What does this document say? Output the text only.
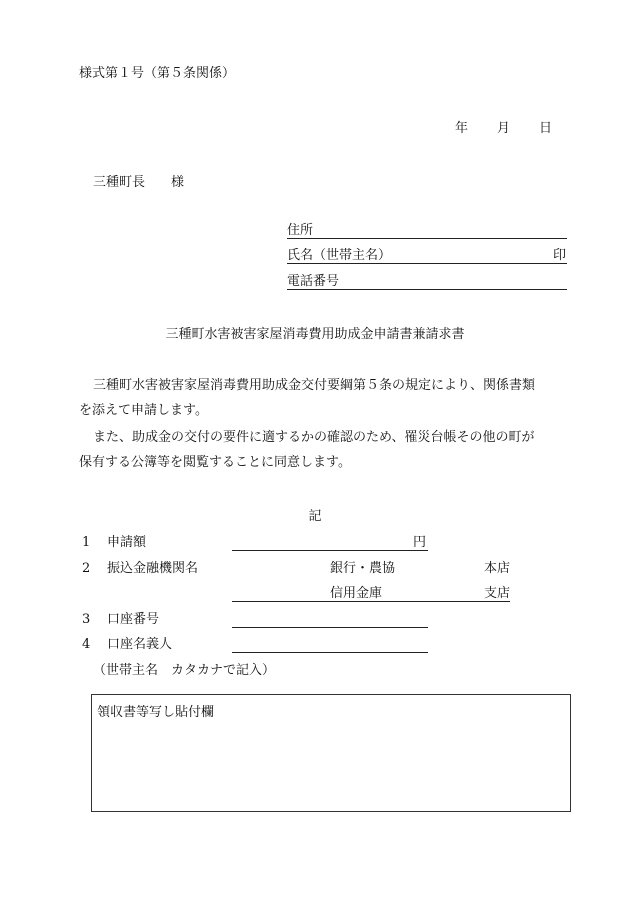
様式第１号（第５条関係）
年 月 日
三種町長　　様
住所
氏名（世帯主名）	印
電話番号
三種町水害被害家屋消毒費用助成金申請書兼請求書
三種町水害被害家屋消毒費用助成金交付要綱第５条の規定により、関係書類
を添えて申請します。
また、助成金の交付の要件に適するかの確認のため、罹災台帳その他の町が
保有する公簿等を閲覧することに同意します。
記
1 申請額	円
2 振込金融機関名	銀行・農協	本店
信用金庫	支店
3 口座番号
4 口座名義人
（世帯主名　カタカナで記入）
領収書等写し貼付欄
